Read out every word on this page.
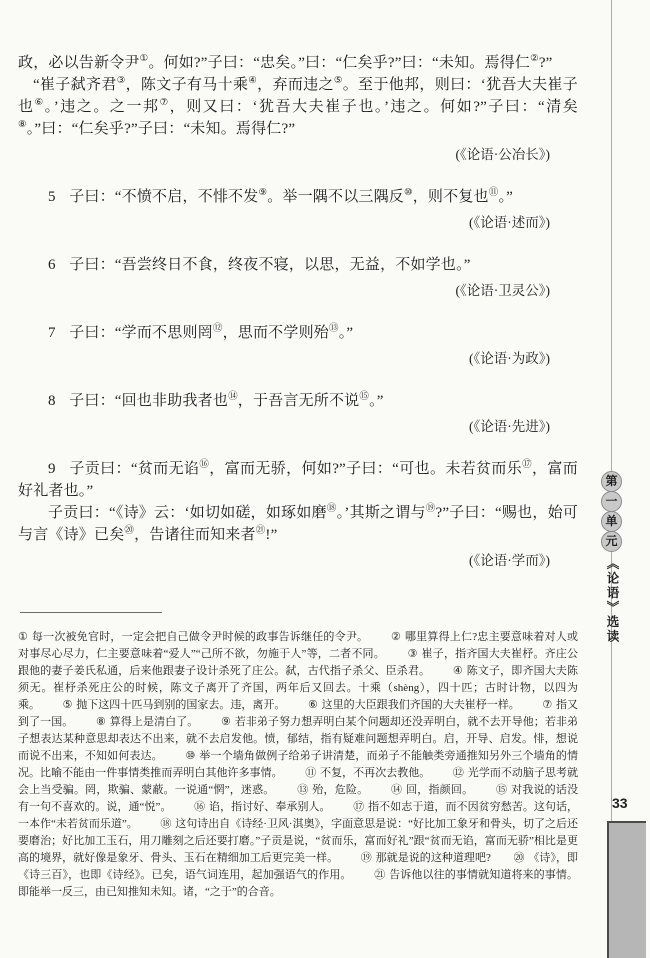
政，必以告新令尹①。何如?”子曰：“忠矣。”曰：“仁矣乎?”曰：“未知。焉得仁②?”

“崔子弑齐君③，陈文子有马十乘④，弃而违之⑤。至于他邦，则曰：‘犹吾大夫崔子也⑥。’违之。之一邦⑦，则又曰：‘犹吾大夫崔子也。’违之。何如?”子曰：“清矣⑧。”曰：“仁矣乎?”子曰：“未知。焉得仁?”

(《论语·公冶长》)

5 子曰：“不愤不启，不悱不发⑨。举一隅不以三隅反⑩，则不复也⑪。”

(《论语·述而》)

6 子曰：“吾尝终日不食，终夜不寝，以思，无益，不如学也。”

(《论语·卫灵公》)

7 子曰：“学而不思则罔⑫，思而不学则殆⑬。”

(《论语·为政》)

8 子曰：“回也非助我者也⑭，于吾言无所不说⑮。”

(《论语·先进》)

9 子贡曰：“贫而无谄⑯，富而无骄，何如?”子曰：“可也。未若贫而乐⑰，富而好礼者也。”

子贡曰：“《诗》云：‘如切如磋，如琢如磨⑱。’其斯之谓与⑲?”子曰：“赐也，始可与言《诗》已矣⑳，告诸往而知来者$^㉑$!”

(《论语·学而》)

① 每一次被免官时，一定会把自己做令尹时候的政事告诉继任的令尹。 ② 哪里算得上仁?忠主要意味着对人或对事尽心尽力，仁主要意味着“爱人”“己所不欲，勿施于人”等，二者不同。 ③ 崔子，指齐国大夫崔杼。齐庄公跟他的妻子姜氏私通，后来他跟妻子设计杀死了庄公。弑，古代指子杀父、臣杀君。 ④ 陈文子，即齐国大夫陈须无。崔杼杀死庄公的时候，陈文子离开了齐国，两年后又回去。十乘（shèng），四十匹；古时计物，以四为乘。 ⑤ 抛下这四十匹马到别的国家去。违，离开。 ⑥ 这里的大臣跟我们齐国的大夫崔杼一样。 ⑦ 指又到了一国。 ⑧ 算得上是清白了。 ⑨ 若非弟子努力想弄明白某个问题却还没弄明白，就不去开导他；若非弟子想表达某种意思却表达不出来，就不去启发他。愤，郁结，指有疑难问题想弄明白。启，开导、启发。悱，想说而说不出来，不知如何表达。 ⑩ 举一个墙角做例子给弟子讲清楚，而弟子不能触类旁通推知另外三个墙角的情况。比喻不能由一件事情类推而弄明白其他许多事情。 ⑪ 不复，不再次去教他。 ⑫ 光学而不动脑子思考就会上当受骗。罔，欺骗、蒙蔽。一说通“惘”，迷惑。 ⑬ 殆，危险。 ⑭ 回，指颜回。 ⑮ 对我说的话没有一句不喜欢的。说，通“悦”。 ⑯ 谄，指讨好、奉承别人。 ⑰ 指不如志于道，而不因贫穷愁苦。这句话，一本作“未若贫而乐道”。 ⑱ 这句诗出自《诗经·卫风·淇奥》，字面意思是说：“好比加工象牙和骨头，切了之后还要磨治；好比加工玉石，用刀雕刻之后还要打磨。”子贡是说，“贫而乐，富而好礼”跟“贫而无谄，富而无骄”相比是更高的境界，就好像是象牙、骨头、玉石在精细加工后更完美一样。 ⑲ 那就是说的这种道理吧? ⑳ 《诗》，即《诗三百》，也即《诗经》。已矣，语气词连用，起加强语气的作用。 ㉑ 告诉他以往的事情就知道将来的事情。即能举一反三，由已知推知未知。诸，“之于”的合音。

第
一
单
元
《论语》选读
33
